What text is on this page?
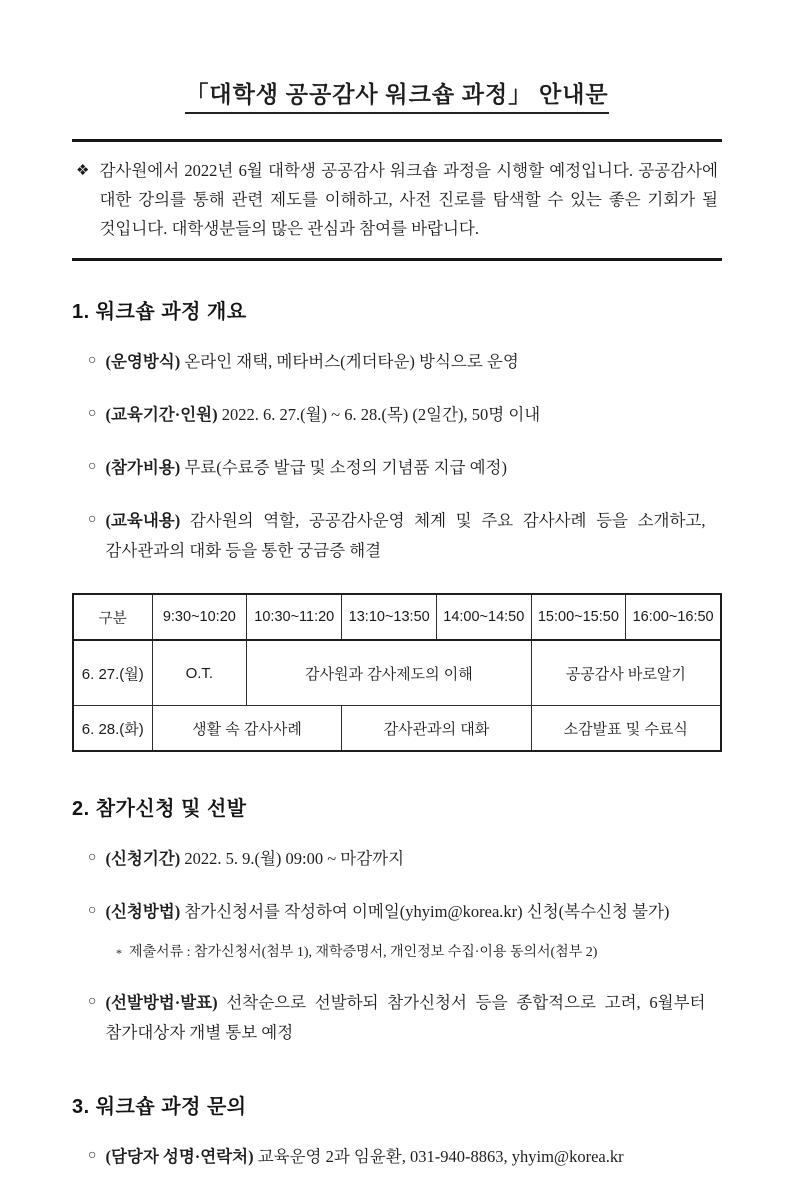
「대학생 공공감사 워크숍 과정」 안내문
❖ 감사원에서 2022년 6월 대학생 공공감사 워크숍 과정을 시행할 예정입니다. 공공감사에 대한 강의를 통해 관련 제도를 이해하고, 사전 진로를 탐색할 수 있는 좋은 기회가 될 것입니다. 대학생분들의 많은 관심과 참여를 바랍니다.

1. 워크숍 과정 개요
○ (운영방식) 온라인 재택, 메타버스(게더타운) 방식으로 운영

○ (교육기간·인원) 2022. 6. 27.(월) ~ 6. 28.(목) (2일간), 50명 이내

○ (참가비용) 무료(수료증 발급 및 소정의 기념품 지급 예정)

○ (교육내용) 감사원의 역할, 공공감사운영 체계 및 주요 감사사례 등을 소개하고, 감사관과의 대화 등을 통한 궁금증 해결

구분	9:30~10:20	10:30~11:20	13:10~13:50	14:00~14:50	15:00~15:50	16:00~16:50
6. 27.(월)	O.T.	감사원과 감사제도의 이해			공공감사 바로알기	
6. 28.(화)	생활 속 감사사례		감사관과의 대화		소감발표 및 수료식	
2. 참가신청 및 선발
○ (신청기간) 2022. 5. 9.(월) 09:00 ~ 마감까지

○ (신청방법) 참가신청서를 작성하여 이메일(yhyim@korea.kr) 신청(복수신청 불가)

* 제출서류 : 참가신청서(첨부 1), 재학증명서, 개인정보 수집·이용 동의서(첨부 2)

○ (선발방법·발표) 선착순으로 선발하되 참가신청서 등을 종합적으로 고려, 6월부터 참가대상자 개별 통보 예정

3. 워크숍 과정 문의
○ (담당자 성명·연락처) 교육운영 2과 임윤환, 031-940-8863, yhyim@korea.kr
